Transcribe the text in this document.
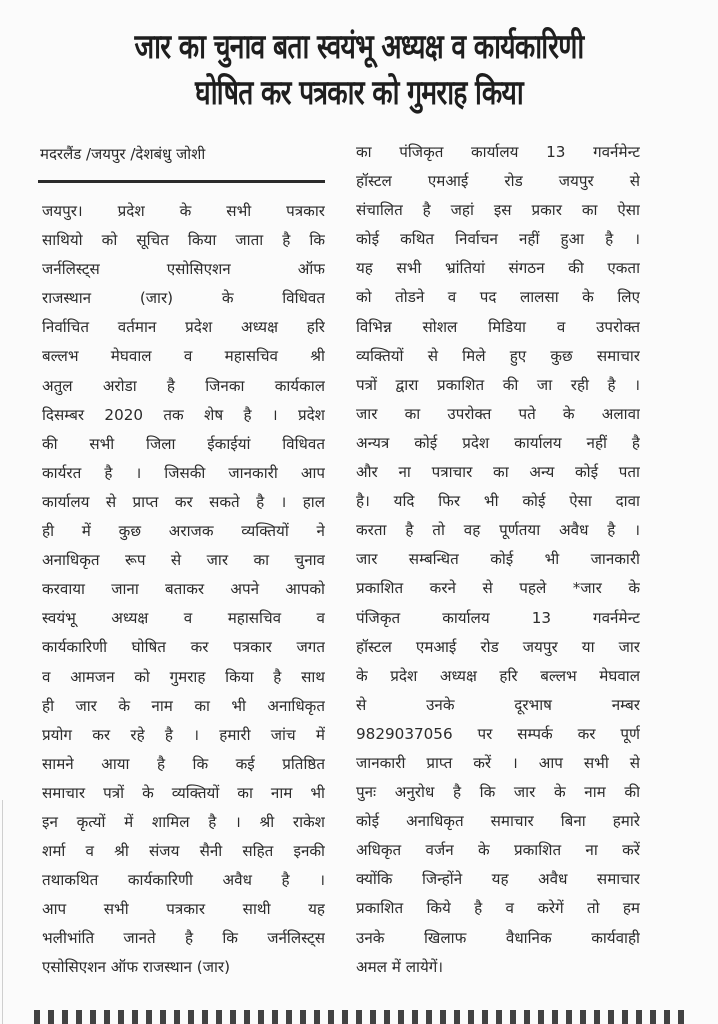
जार का चुनाव बता स्वयंभू अध्यक्ष व कार्यकारिणी
घोषित कर पत्रकार को गुमराह किया
मदरलैंड /जयपुर /देशबंधु जोशी
जयपुर। प्रदेश के सभी पत्रकार
साथियो को सूचित किया जाता है कि
जर्नलिस्ट्स एसोसिएशन ऑफ
राजस्थान (जार) के विधिवत
निर्वाचित वर्तमान प्रदेश अध्यक्ष हरि
बल्लभ मेघवाल व महासचिव श्री
अतुल अरोडा है जिनका कार्यकाल
दिसम्बर 2020 तक शेष है । प्रदेश
की सभी जिला ईकाईयां विधिवत
कार्यरत है । जिसकी जानकारी आप
कार्यालय से प्राप्त कर सकते है । हाल
ही में कुछ अराजक व्यक्तियों ने
अनाधिकृत रूप से जार का चुनाव
करवाया जाना बताकर अपने आपको
स्वयंभू अध्यक्ष व महासचिव व
कार्यकारिणी घोषित कर पत्रकार जगत
व आमजन को गुमराह किया है साथ
ही जार के नाम का भी अनाधिकृत
प्रयोग कर रहे है । हमारी जांच में
सामने आया है कि कई प्रतिष्ठित
समाचार पत्रों के व्यक्तियों का नाम भी
इन कृत्यों में शामिल है । श्री राकेश
शर्मा व श्री संजय सैनी सहित इनकी
तथाकथित कार्यकारिणी अवैध है ।
आप सभी पत्रकार साथी यह
भलीभांति जानते है कि जर्नलिस्ट्स
एसोसिएशन ऑफ राजस्थान (जार)
का पंजिकृत कार्यालय 13 गवर्नमेन्ट
हॉस्टल एमआई रोड जयपुर से
संचालित है जहां इस प्रकार का ऐसा
कोई कथित निर्वाचन नहीं हुआ है ।
यह सभी भ्रांतियां संगठन की एकता
को तोडने व पद लालसा के लिए
विभिन्न सोशल मिडिया व उपरोक्त
व्यक्तियों से मिले हुए कुछ समाचार
पत्रों द्वारा प्रकाशित की जा रही है ।
जार का उपरोक्त पते के अलावा
अन्यत्र कोई प्रदेश कार्यालय नहीं है
और ना पत्राचार का अन्य कोई पता
है। यदि फिर भी कोई ऐसा दावा
करता है तो वह पूर्णतया अवैध है ।
जार सम्बन्धित कोई भी जानकारी
प्रकाशित करने से पहले *जार के
पंजिकृत कार्यालय 13 गवर्नमेन्ट
हॉस्टल एमआई रोड जयपुर या जार
के प्रदेश अध्यक्ष हरि बल्लभ मेघवाल
से उनके दूरभाष नम्बर
9829037056 पर सम्पर्क कर पूर्ण
जानकारी प्राप्त करें । आप सभी से
पुनः अनुरोध है कि जार के नाम की
कोई अनाधिकृत समाचार बिना हमारे
अधिकृत वर्जन के प्रकाशित ना करें
क्योंकि जिन्होंने यह अवैध समाचार
प्रकाशित किये है व करेगें तो हम
उनके खिलाफ वैधानिक कार्यवाही
अमल में लायेगें।
